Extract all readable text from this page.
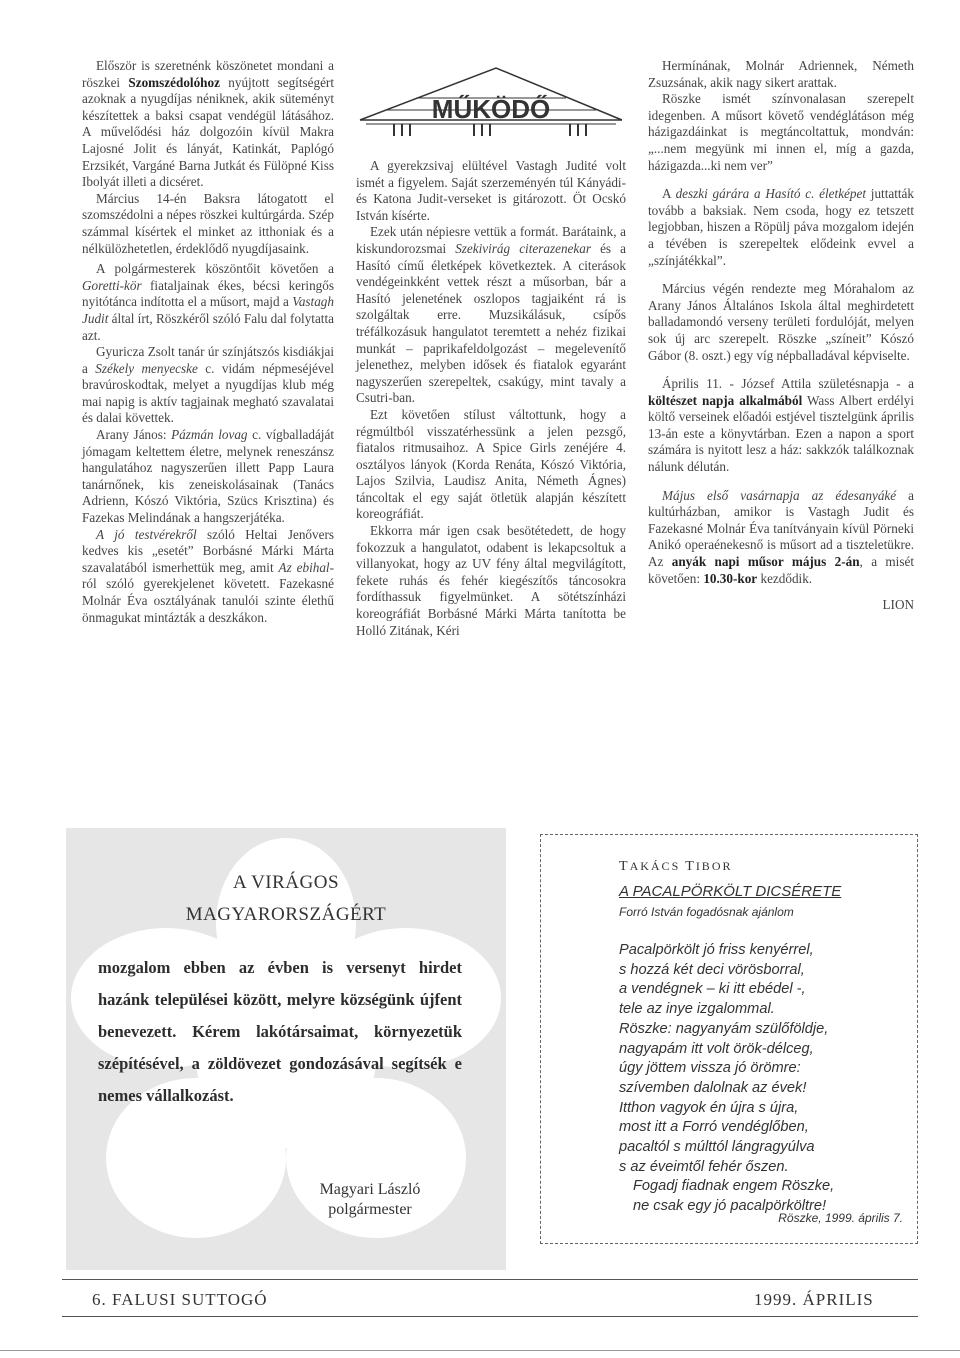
Először is szeretnénk köszönetet mondani a röszkei Szomszédolóhoz nyújtott segítségért azoknak a nyugdíjas néniknek, akik süteményt készítettek a baksi csapat vendégül látásához. A művelődési ház dolgozóin kívül Makra Lajosné Jolit és lányát, Katinkát, Paplógó Erzsikét, Vargáné Barna Jutkát és Fülöpné Kiss Ibolyát illeti a dicséret.

Március 14-én Baksra látogatott el szomszédolni a népes röszkei kultúrgárda. Szép számmal kísértek el minket az itthoniak és a nélkülözhetetlen, érdeklődő nyugdíjasaink.

A polgármesterek köszöntőit követően a Goretti-kör fiataljainak ékes, bécsi keringős nyitótánca indította el a műsort, majd a Vastagh Judit által írt, Röszkéről szóló Falu dal folytatta azt.

Gyuricza Zsolt tanár úr színjátszós kisdiákjai a Székely menyecske c. vidám népmeséjével bravúroskodtak, melyet a nyugdíjas klub még mai napig is aktív tagjainak megható szavalatai és dalai követtek.

Arany János: Pázmán lovag c. vígballadáját jómagam keltettem életre, melynek reneszánsz hangulatához nagyszerűen illett Papp Laura tanárnőnek, kis zeneiskolásainak (Tanács Adrienn, Kószó Viktória, Szücs Krisztina) és Fazekas Melindának a hangszerjátéka.

A jó testvérekről szóló Heltai Jenővers kedves kis „esetét” Borbásné Márki Márta szavalatából ismerhettük meg, amit Az ebihal-ról szóló gyerekjelenet követett. Fazekasné Molnár Éva osztályának tanulói szinte élethű önmagukat mintázták a deszkákon.

MŰKÖDŐ

A gyerekzsivaj elültével Vastagh Judité volt ismét a figyelem. Saját szerzeményén túl Kányádi- és Katona Judit-verseket is gitározott. Öt Ocskó István kísérte.

Ezek után népiesre vettük a formát. Barátaink, a kiskundorozsmai Szekivirág citerazenekar és a Hasító című életképek következtek. A citerások vendégeinkként vettek részt a műsorban, bár a Hasító jelenetének oszlopos tagjaiként rá is szolgáltak erre. Muzsikálásuk, csípős tréfálkozásuk hangulatot teremtett a nehéz fizikai munkát – paprikafeldolgozást – megelevenítő jelenethez, melyben idősek és fiatalok egyaránt nagyszerűen szerepeltek, csakúgy, mint tavaly a Csutri-ban.

Ezt követően stílust váltottunk, hogy a régmúltból visszatérhessünk a jelen pezsgő, fiatalos ritmusaihoz. A Spice Girls zenéjére 4. osztályos lányok (Korda Renáta, Kószó Viktória, Lajos Szilvia, Laudisz Anita, Németh Ágnes) táncoltak el egy saját ötletük alapján készített koreográfiát.

Ekkorra már igen csak besötétedett, de hogy fokozzuk a hangulatot, odabent is lekapcsoltuk a villanyokat, hogy az UV fény által megvilágított, fekete ruhás és fehér kiegészítős táncosokra fordíthassuk figyelmünket. A sötétszínházi koreográfiát Borbásné Márki Márta tanította be Holló Zitának, Kéri

Hermínának, Molnár Adriennek, Németh Zsuzsának, akik nagy sikert arattak.

Röszke ismét színvonalasan szerepelt idegenben. A műsort követő vendéglátáson még házigazdáinkat is megtáncoltattuk, mondván: „...nem megyünk mi innen el, míg a gazda, házigazda...ki nem ver”

A deszki gárára a Hasító c. életképet juttatták tovább a baksiak. Nem csoda, hogy ez tetszett legjobban, hiszen a Röpülj páva mozgalom idején a tévében is szerepeltek elődeink evvel a „színjátékkal”.

Március végén rendezte meg Mórahalom az Arany János Általános Iskola által meghirdetett balladamondó verseny területi fordulóját, melyen sok új arc szerepelt. Röszke „színeit” Kószó Gábor (8. oszt.) egy víg népballadával képviselte.

Április 11. - József Attila születésnapja - a költészet napja alkalmából Wass Albert erdélyi költő verseinek előadói estjével tisztelgünk április 13-án este a könyvtárban. Ezen a napon a sport számára is nyitott lesz a ház: sakkzók találkoznak nálunk délután.

Május első vasárnapja az édesanyáké a kultúrházban, amikor is Vastagh Judit és Fazekasné Molnár Éva tanítványain kívül Pörneki Anikó operaénekesnő is műsort ad a tiszteletükre. Az anyák napi műsor május 2-án, a misét követően: 10.30-kor kezdődik.

LION

A VIRÁGOS
MAGYARORSZÁGÉRT

mozgalom ebben az évben is versenyt hirdet hazánk települései között, melyre községünk újfent benevezett. Kérem lakótársaimat, környezetük szépítésével, a zöldövezet gondozásával segítsék e nemes vállalkozást.

Magyari László
polgármester
TAKÁCS TIBOR
A PACALPÖRKÖLT DICSÉRETE
Forró István fogadósnak ajánlom
Pacalpörkölt jó friss kenyérrel,
s hozzá két deci vörösborral,
a vendégnek – ki itt ebédel -,
tele az inye izgalommal.
Röszke: nagyanyám szülőföldje,
nagyapám itt volt örök-délceg,
úgy jöttem vissza jó örömre:
szívemben dalolnak az évek!
Itthon vagyok én újra s újra,
most itt a Forró vendéglőben,
pacaltól s múlttól lángragyúlva
s az éveimtől fehér őszen.
Fogadj fiadnak engem Röszke,
ne csak egy jó pacalpörköltre!
Röszke, 1999. április 7.
6. FALUSI SUTTOGÓ	1999. ÁPRILIS
